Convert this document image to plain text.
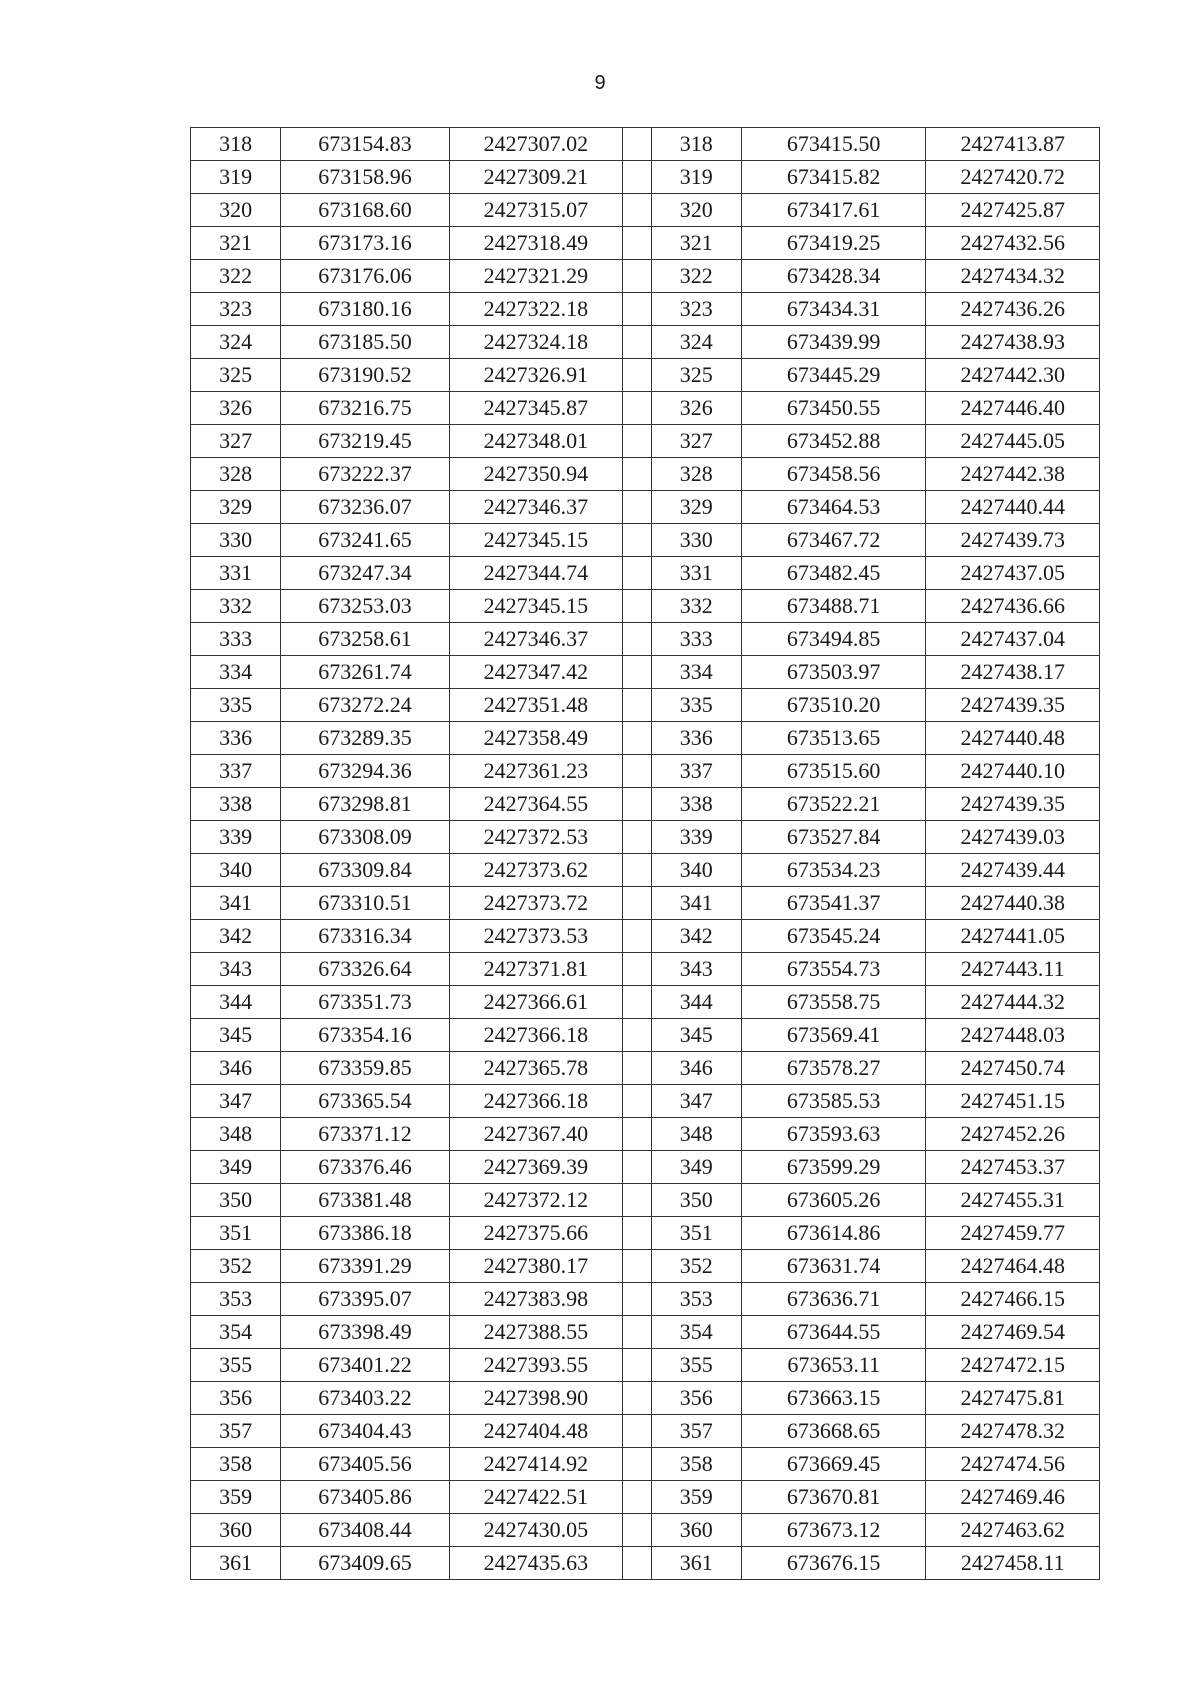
9
318	673154.83	2427307.02		318	673415.50	2427413.87
319	673158.96	2427309.21		319	673415.82	2427420.72
320	673168.60	2427315.07		320	673417.61	2427425.87
321	673173.16	2427318.49		321	673419.25	2427432.56
322	673176.06	2427321.29		322	673428.34	2427434.32
323	673180.16	2427322.18		323	673434.31	2427436.26
324	673185.50	2427324.18		324	673439.99	2427438.93
325	673190.52	2427326.91		325	673445.29	2427442.30
326	673216.75	2427345.87		326	673450.55	2427446.40
327	673219.45	2427348.01		327	673452.88	2427445.05
328	673222.37	2427350.94		328	673458.56	2427442.38
329	673236.07	2427346.37		329	673464.53	2427440.44
330	673241.65	2427345.15		330	673467.72	2427439.73
331	673247.34	2427344.74		331	673482.45	2427437.05
332	673253.03	2427345.15		332	673488.71	2427436.66
333	673258.61	2427346.37		333	673494.85	2427437.04
334	673261.74	2427347.42		334	673503.97	2427438.17
335	673272.24	2427351.48		335	673510.20	2427439.35
336	673289.35	2427358.49		336	673513.65	2427440.48
337	673294.36	2427361.23		337	673515.60	2427440.10
338	673298.81	2427364.55		338	673522.21	2427439.35
339	673308.09	2427372.53		339	673527.84	2427439.03
340	673309.84	2427373.62		340	673534.23	2427439.44
341	673310.51	2427373.72		341	673541.37	2427440.38
342	673316.34	2427373.53		342	673545.24	2427441.05
343	673326.64	2427371.81		343	673554.73	2427443.11
344	673351.73	2427366.61		344	673558.75	2427444.32
345	673354.16	2427366.18		345	673569.41	2427448.03
346	673359.85	2427365.78		346	673578.27	2427450.74
347	673365.54	2427366.18		347	673585.53	2427451.15
348	673371.12	2427367.40		348	673593.63	2427452.26
349	673376.46	2427369.39		349	673599.29	2427453.37
350	673381.48	2427372.12		350	673605.26	2427455.31
351	673386.18	2427375.66		351	673614.86	2427459.77
352	673391.29	2427380.17		352	673631.74	2427464.48
353	673395.07	2427383.98		353	673636.71	2427466.15
354	673398.49	2427388.55		354	673644.55	2427469.54
355	673401.22	2427393.55		355	673653.11	2427472.15
356	673403.22	2427398.90		356	673663.15	2427475.81
357	673404.43	2427404.48		357	673668.65	2427478.32
358	673405.56	2427414.92		358	673669.45	2427474.56
359	673405.86	2427422.51		359	673670.81	2427469.46
360	673408.44	2427430.05		360	673673.12	2427463.62
361	673409.65	2427435.63		361	673676.15	2427458.11
